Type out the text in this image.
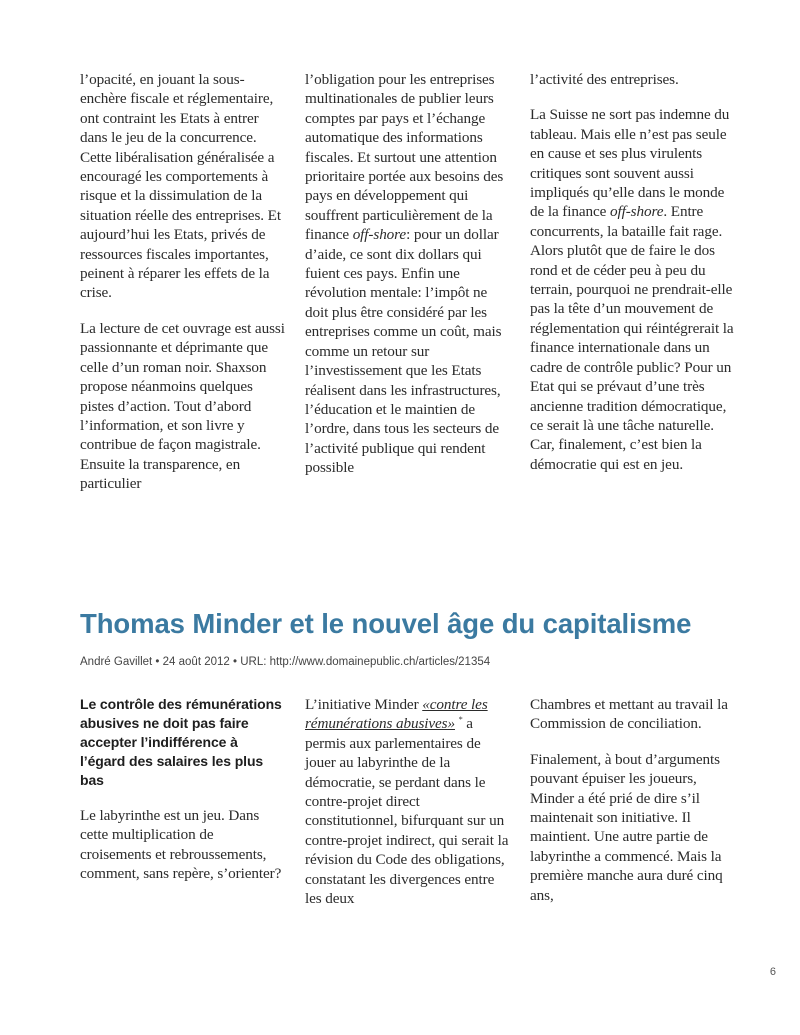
l’opacité, en jouant la sous-enchère fiscale et réglementaire, ont contraint les Etats à entrer dans le jeu de la concurrence. Cette libéralisation généralisée a encouragé les comportements à risque et la dissimulation de la situation réelle des entreprises. Et aujourd’hui les Etats, privés de ressources fiscales importantes, peinent à réparer les effets de la crise.

La lecture de cet ouvrage est aussi passionnante et déprimante que celle d’un roman noir. Shaxson propose néanmoins quelques pistes d’action. Tout d’abord l’information, et son livre y contribue de façon magistrale. Ensuite la transparence, en particulier

l’obligation pour les entreprises multinationales de publier leurs comptes par pays et l’échange automatique des informations fiscales. Et surtout une attention prioritaire portée aux besoins des pays en développement qui souffrent particulièrement de la finance off-shore: pour un dollar d’aide, ce sont dix dollars qui fuient ces pays. Enfin une révolution mentale: l’impôt ne doit plus être considéré par les entreprises comme un coût, mais comme un retour sur l’investissement que les Etats réalisent dans les infrastructures, l’éducation et le maintien de l’ordre, dans tous les secteurs de l’activité publique qui rendent possible

l’activité des entreprises.

La Suisse ne sort pas indemne du tableau. Mais elle n’est pas seule en cause et ses plus virulents critiques sont souvent aussi impliqués qu’elle dans le monde de la finance off-shore. Entre concurrents, la bataille fait rage. Alors plutôt que de faire le dos rond et de céder peu à peu du terrain, pourquoi ne prendrait-elle pas la tête d’un mouvement de réglementation qui réintégrerait la finance internationale dans un cadre de contrôle public? Pour un Etat qui se prévaut d’une très ancienne tradition démocratique, ce serait là une tâche naturelle. Car, finalement, c’est bien la démocratie qui est en jeu.

Thomas Minder et le nouvel âge du capitalisme
André Gavillet • 24 août 2012 • URL: http://www.domainepublic.ch/articles/21354

Le contrôle des rémunérations abusives ne doit pas faire accepter l’indifférence à l’égard des salaires les plus bas

Le labyrinthe est un jeu. Dans cette multiplication de croisements et rebroussements, comment, sans repère, s’orienter?

L’initiative Minder «contre les rémunérations abusives» * a permis aux parlementaires de jouer au labyrinthe de la démocratie, se perdant dans le contre-projet direct constitutionnel, bifurquant sur un contre-projet indirect, qui serait la révision du Code des obligations, constatant les divergences entre les deux

Chambres et mettant au travail la Commission de conciliation.

Finalement, à bout d’arguments pouvant épuiser les joueurs, Minder a été prié de dire s’il maintenait son initiative. Il maintient. Une autre partie de labyrinthe a commencé. Mais la première manche aura duré cinq ans,

6
